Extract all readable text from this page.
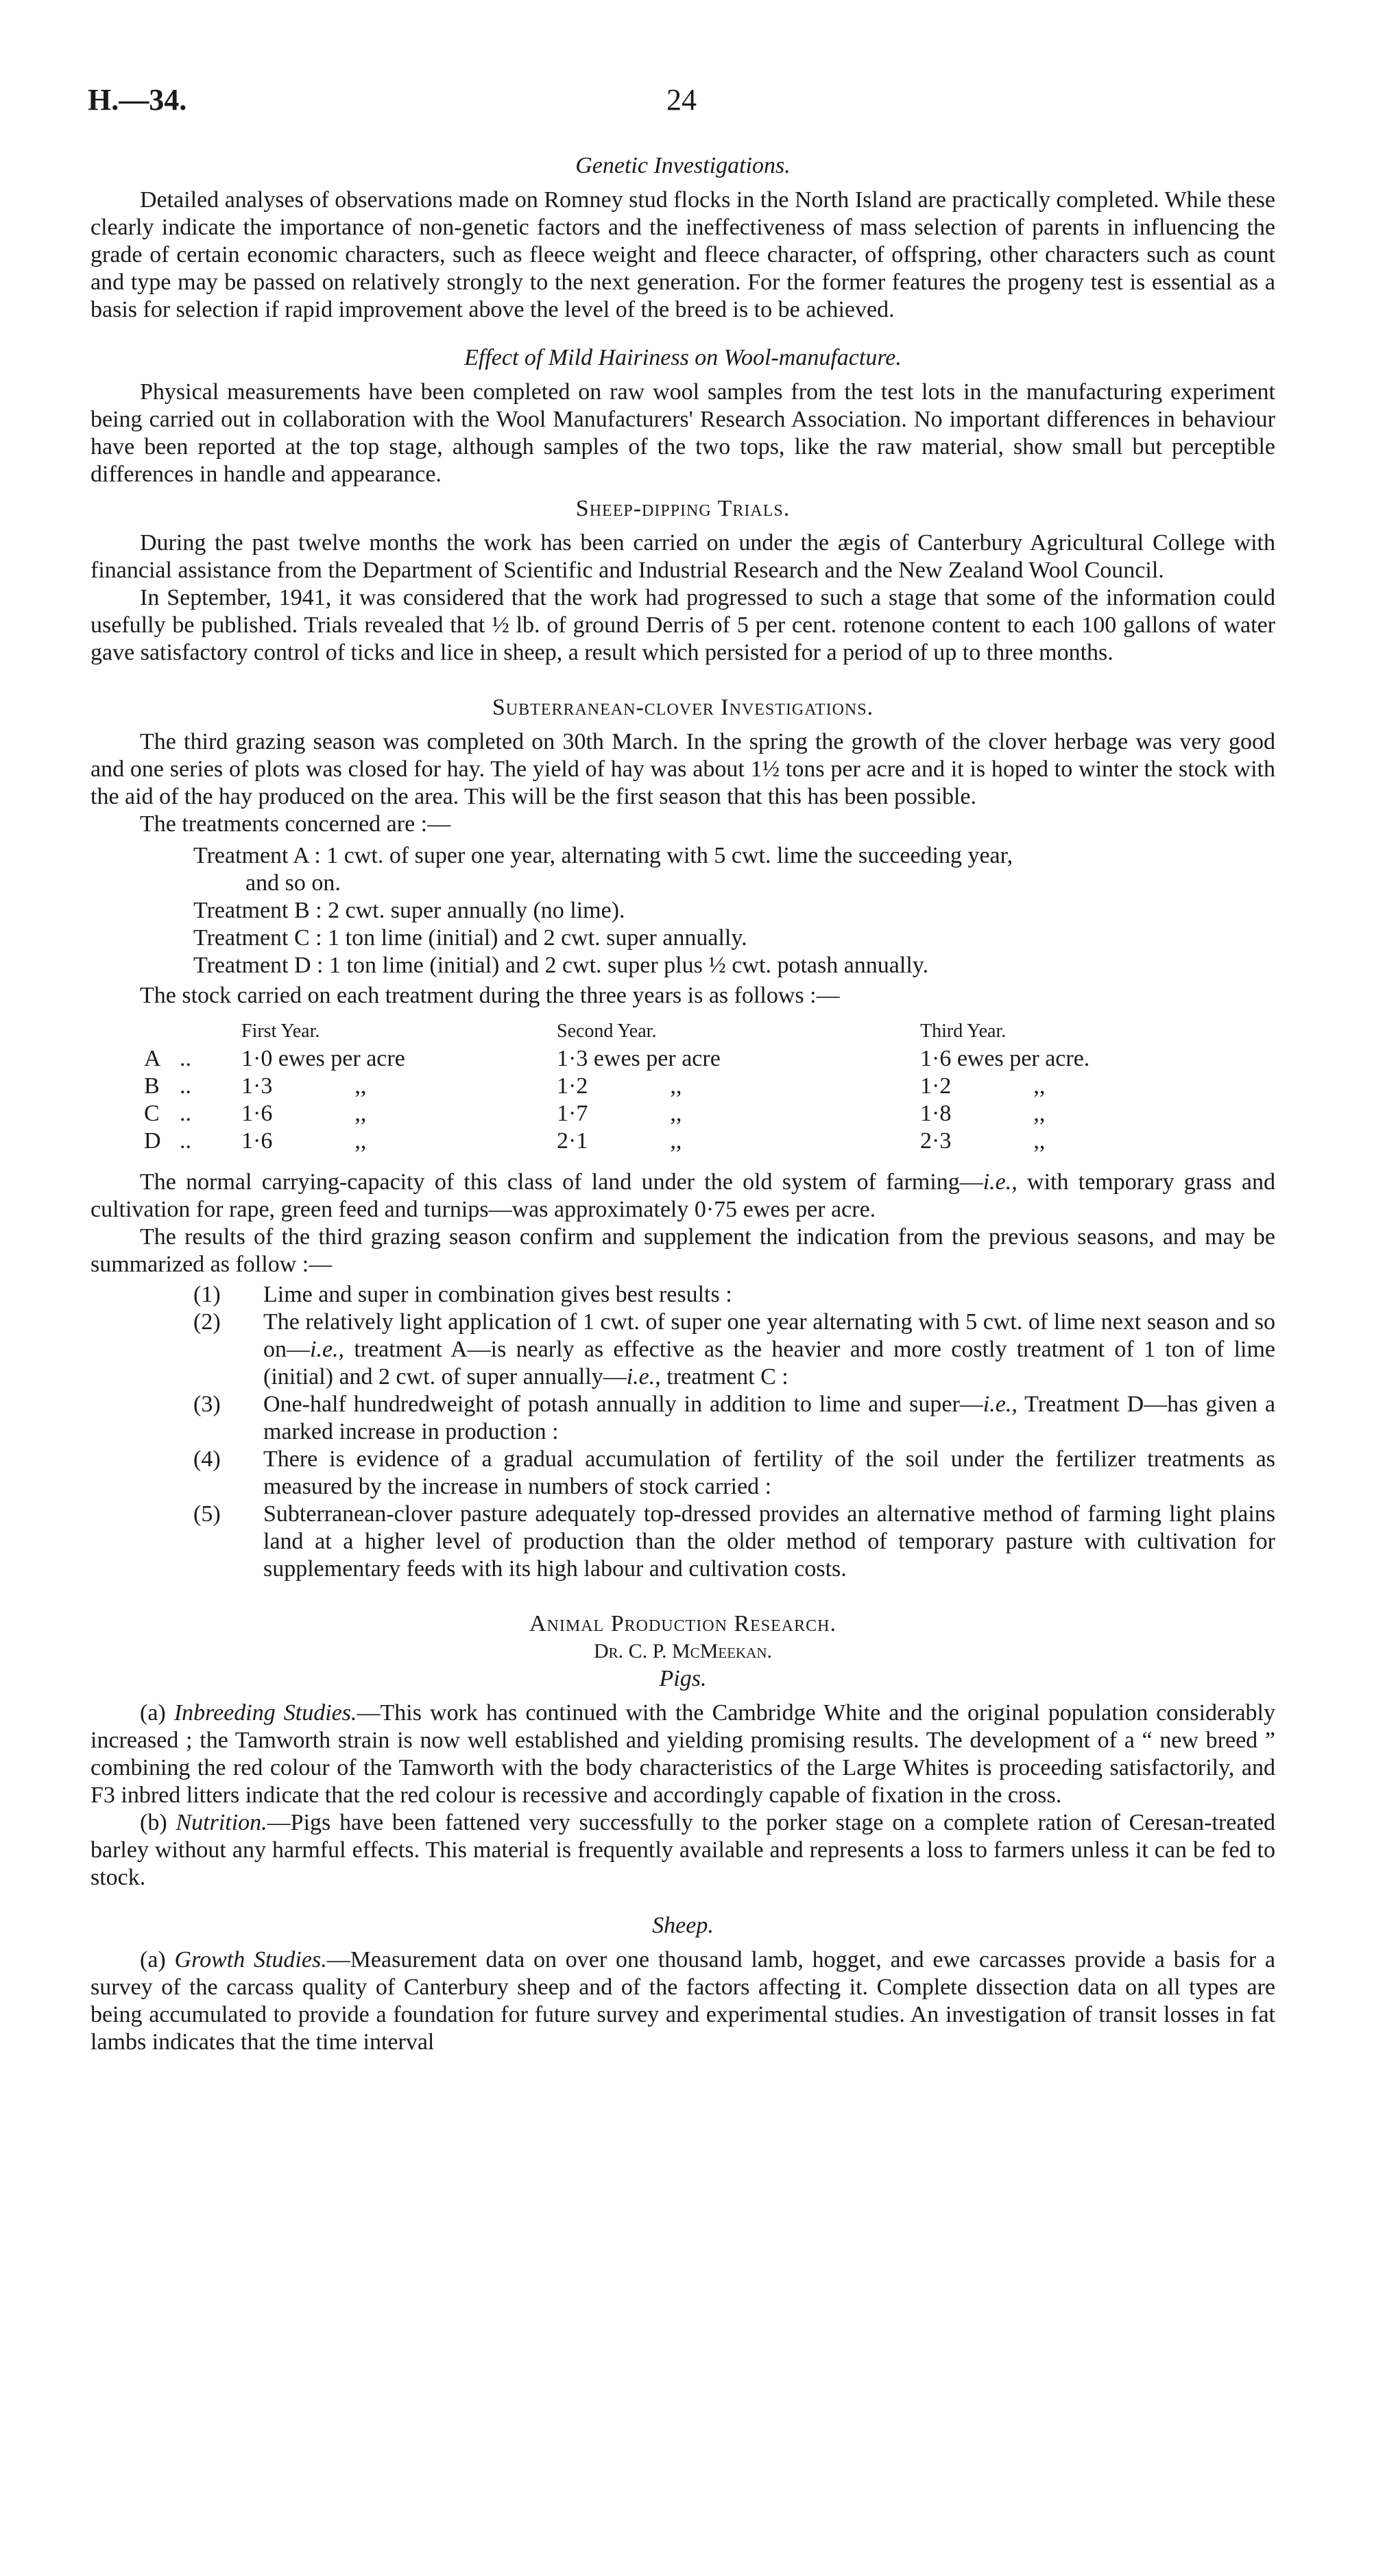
H.—34.	24
Genetic Investigations.

Detailed analyses of observations made on Romney stud flocks in the North Island are practically completed. While these clearly indicate the importance of non-genetic factors and the ineffectiveness of mass selection of parents in influencing the grade of certain economic characters, such as fleece weight and fleece character, of offspring, other characters such as count and type may be passed on relatively strongly to the next generation. For the former features the progeny test is essential as a basis for selection if rapid improvement above the level of the breed is to be achieved.

Effect of Mild Hairiness on Wool-manufacture.

Physical measurements have been completed on raw wool samples from the test lots in the manufacturing experiment being carried out in collaboration with the Wool Manufacturers' Research Association. No important differences in behaviour have been reported at the top stage, although samples of the two tops, like the raw material, show small but perceptible differences in handle and appearance.

Sheep-dipping Trials.

During the past twelve months the work has been carried on under the ægis of Canterbury Agricultural College with financial assistance from the Department of Scientific and Industrial Research and the New Zealand Wool Council.

In September, 1941, it was considered that the work had progressed to such a stage that some of the information could usefully be published. Trials revealed that ½ lb. of ground Derris of 5 per cent. rotenone content to each 100 gallons of water gave satisfactory control of ticks and lice in sheep, a result which persisted for a period of up to three months.

Subterranean-clover Investigations.

The third grazing season was completed on 30th March. In the spring the growth of the clover herbage was very good and one series of plots was closed for hay. The yield of hay was about 1½ tons per acre and it is hoped to winter the stock with the aid of the hay produced on the area. This will be the first season that this has been possible.

The treatments concerned are :—

Treatment A : 1 cwt. of super one year, alternating with 5 cwt. lime the succeeding year,
and so on.
Treatment B : 2 cwt. super annually (no lime).
Treatment C : 1 ton lime (initial) and 2 cwt. super annually.
Treatment D : 1 ton lime (initial) and 2 cwt. super plus ½ cwt. potash annually.

The stock carried on each treatment during the three years is as follows :—

		First Year.	Second Year.	Third Year.
A	..	1·0 ewes per acre	1·3 ewes per acre	1·6 ewes per acre.
B	..	1·3 ,,	1·2 ,,	1·2 ,,
C	..	1·6 ,,	1·7 ,,	1·8 ,,
D	..	1·6 ,,	2·1 ,,	2·3 ,,

The normal carrying-capacity of this class of land under the old system of farming—i.e., with temporary grass and cultivation for rape, green feed and turnips—was approximately 0·75 ewes per acre.

The results of the third grazing season confirm and supplement the indication from the previous seasons, and may be summarized as follow :—

(1) Lime and super in combination gives best results :
(2) The relatively light application of 1 cwt. of super one year alternating with 5 cwt. of lime next season and so on—i.e., treatment A—is nearly as effective as the heavier and more costly treatment of 1 ton of lime (initial) and 2 cwt. of super annually—i.e., treatment C :
(3) One-half hundredweight of potash annually in addition to lime and super—i.e., Treatment D—has given a marked increase in production :
(4) There is evidence of a gradual accumulation of fertility of the soil under the fertilizer treatments as measured by the increase in numbers of stock carried :
(5) Subterranean-clover pasture adequately top-dressed provides an alternative method of farming light plains land at a higher level of production than the older method of temporary pasture with cultivation for supplementary feeds with its high labour and cultivation costs.
Animal Production Research.
Dr. C. P. McMeekan.
Pigs.

(a) Inbreeding Studies.—This work has continued with the Cambridge White and the original population considerably increased ; the Tamworth strain is now well established and yielding promising results. The development of a “ new breed ” combining the red colour of the Tamworth with the body characteristics of the Large Whites is proceeding satisfactorily, and F3 inbred litters indicate that the red colour is recessive and accordingly capable of fixation in the cross.

(b) Nutrition.—Pigs have been fattened very successfully to the porker stage on a complete ration of Ceresan-treated barley without any harmful effects. This material is frequently available and represents a loss to farmers unless it can be fed to stock.

Sheep.

(a) Growth Studies.—Measurement data on over one thousand lamb, hogget, and ewe carcasses provide a basis for a survey of the carcass quality of Canterbury sheep and of the factors affecting it. Complete dissection data on all types are being accumulated to provide a foundation for future survey and experimental studies. An investigation of transit losses in fat lambs indicates that the time interval
